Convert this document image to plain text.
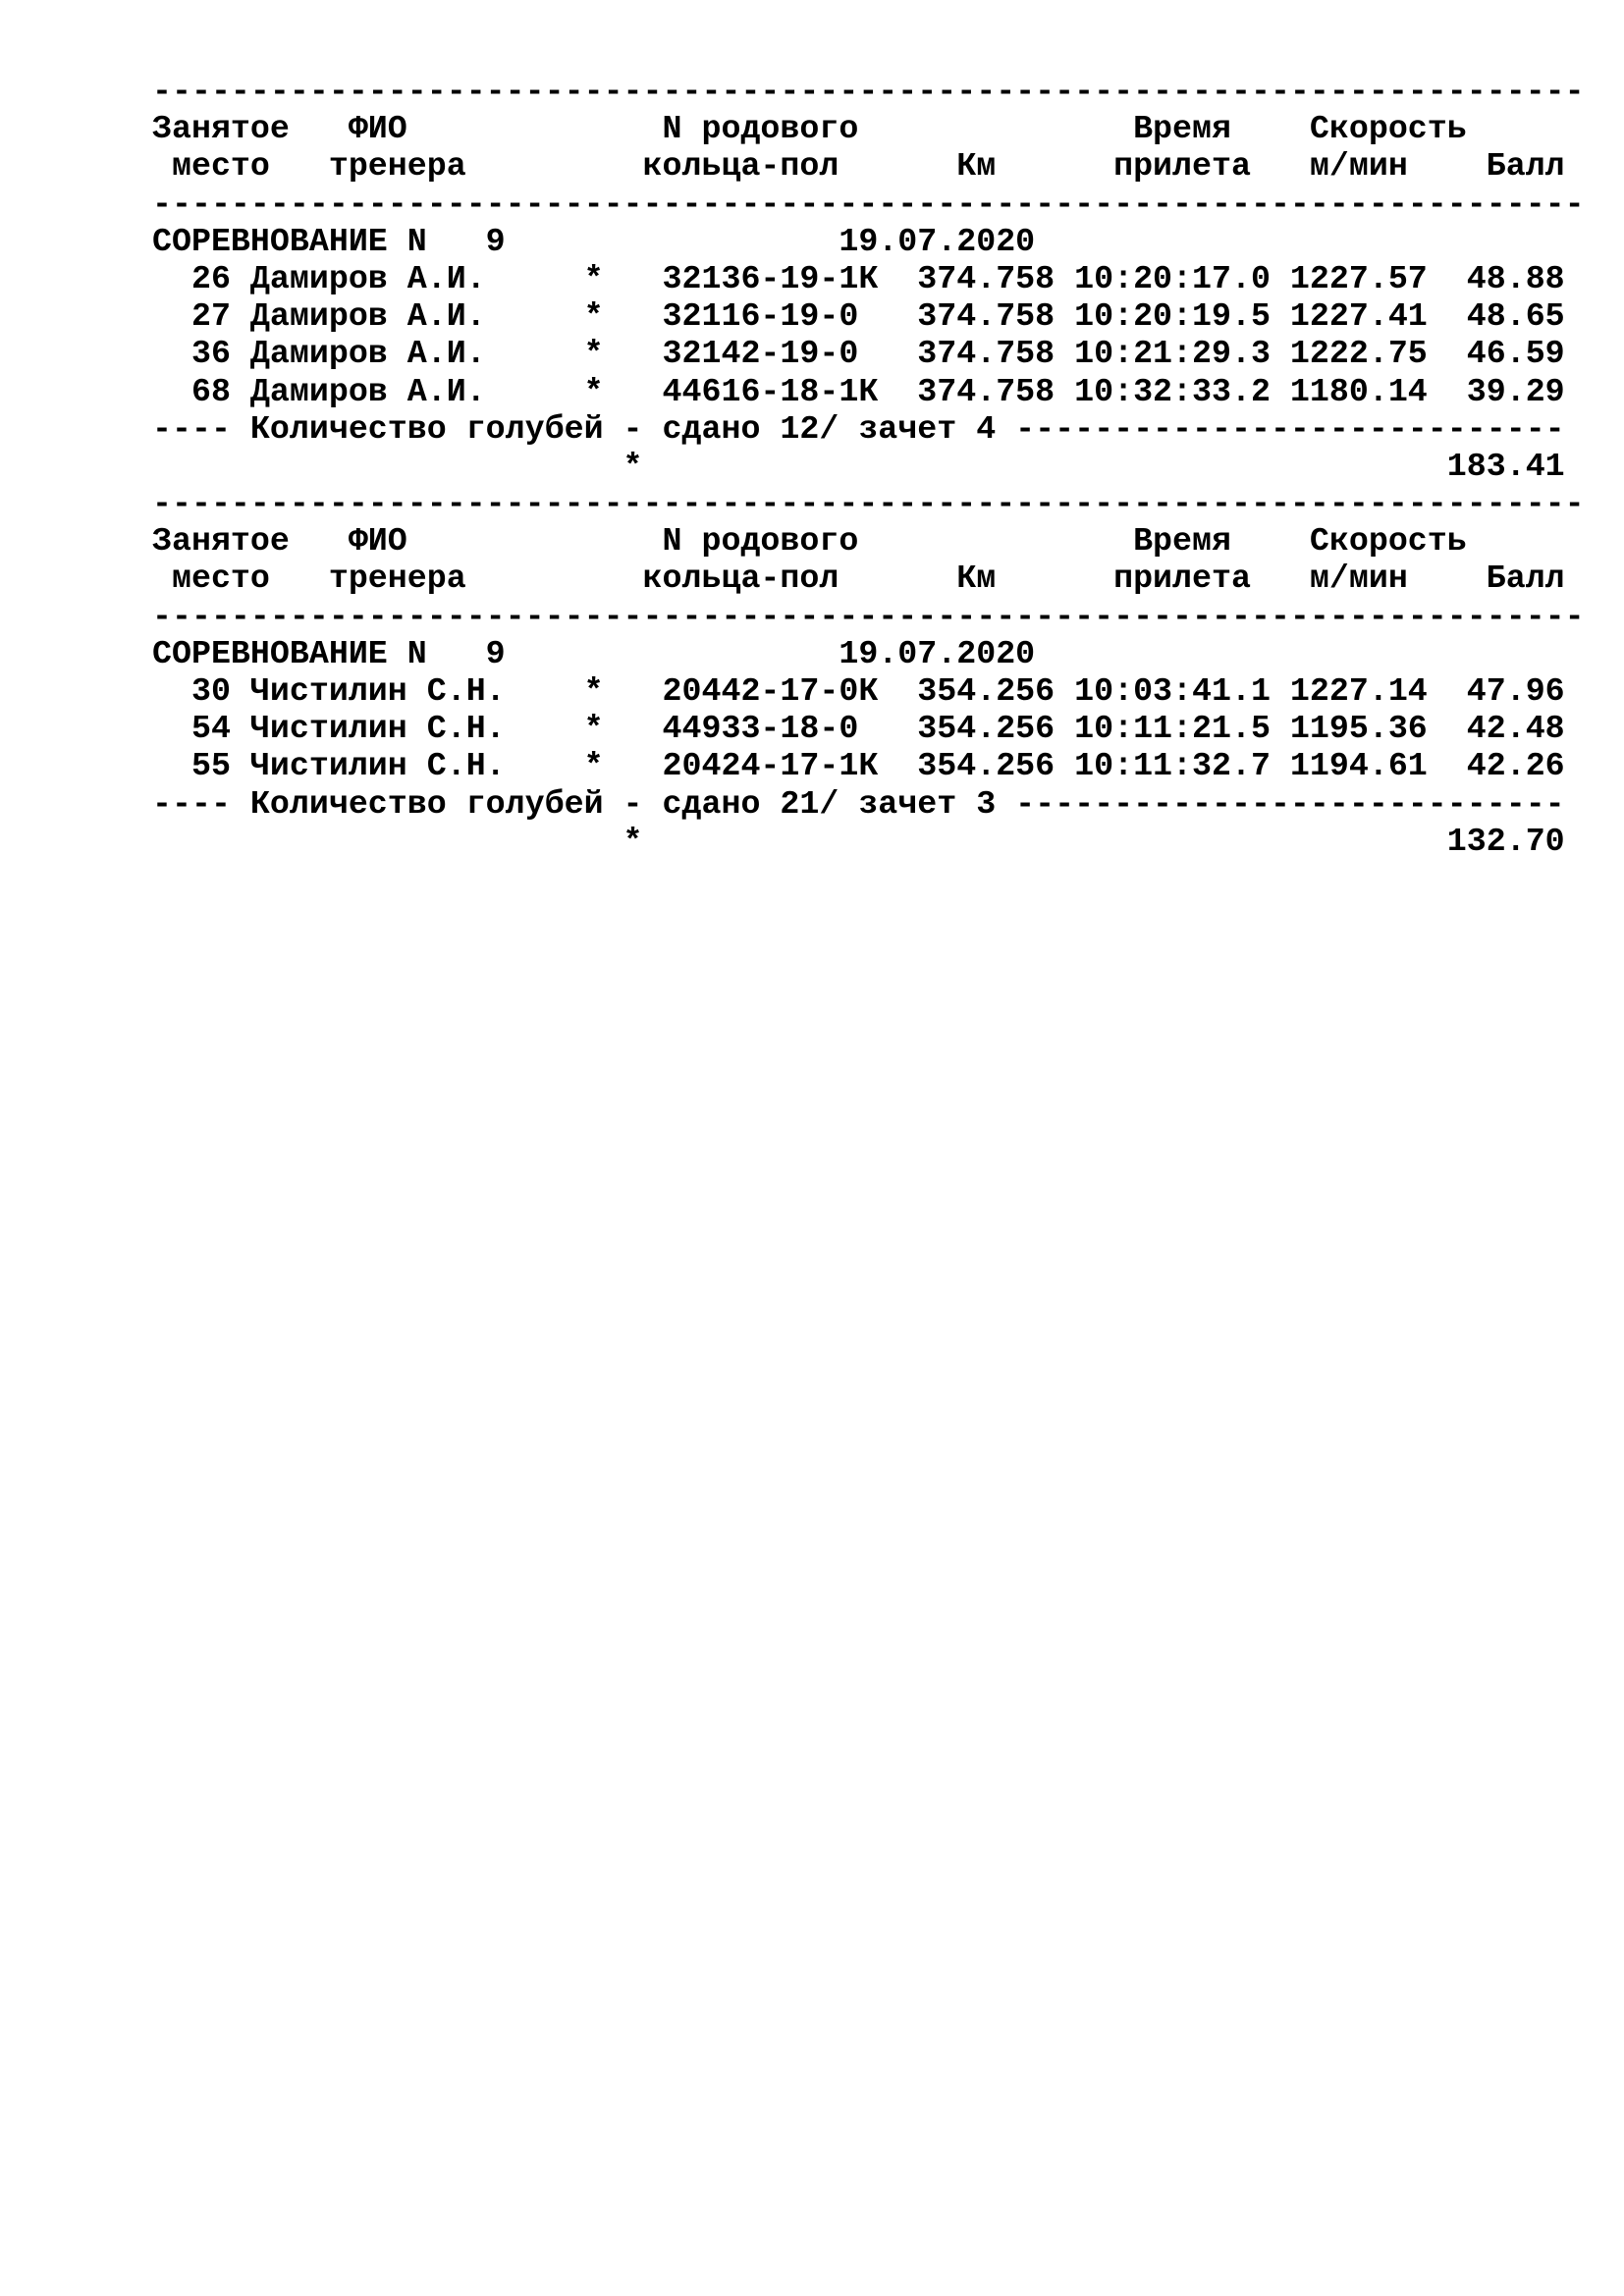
-------------------------------------------------------------------------
Занятое   ФИО             N родового              Время    Скорость
место   тренера         кольца-пол      Км      прилета   м/мин    Балл
-------------------------------------------------------------------------
СОРЕВНОВАНИЕ N   9                 19.07.2020
26 Дамиров А.И.     *   32136-19-1К  374.758 10:20:17.0 1227.57  48.88
27 Дамиров А.И.     *   32116-19-0   374.758 10:20:19.5 1227.41  48.65
36 Дамиров А.И.     *   32142-19-0   374.758 10:21:29.3 1222.75  46.59
68 Дамиров А.И.     *   44616-18-1К  374.758 10:32:33.2 1180.14  39.29
---- Количество голубей - сдано 12/ зачет 4 ----------------------------
*                                         183.41
-------------------------------------------------------------------------
Занятое   ФИО             N родового              Время    Скорость
место   тренера         кольца-пол      Км      прилета   м/мин    Балл
-------------------------------------------------------------------------
СОРЕВНОВАНИЕ N   9                 19.07.2020
30 Чистилин С.Н.    *   20442-17-0К  354.256 10:03:41.1 1227.14  47.96
54 Чистилин С.Н.    *   44933-18-0   354.256 10:11:21.5 1195.36  42.48
55 Чистилин С.Н.    *   20424-17-1К  354.256 10:11:32.7 1194.61  42.26
---- Количество голубей - сдано 21/ зачет 3 ----------------------------
*                                         132.70
